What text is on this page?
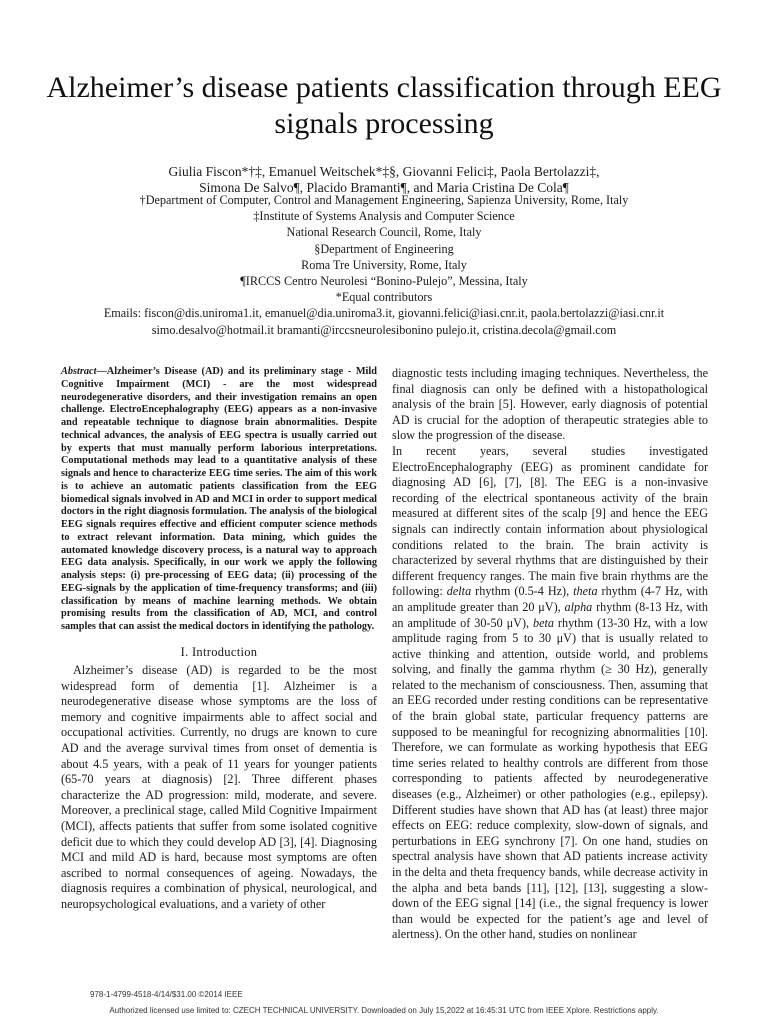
Alzheimer’s disease patients classification through EEG signals processing
Giulia Fiscon*†‡, Emanuel Weitschek*‡§, Giovanni Felici‡, Paola Bertolazzi‡,
Simona De Salvo¶, Placido Bramanti¶, and Maria Cristina De Cola¶
†Department of Computer, Control and Management Engineering, Sapienza University, Rome, Italy
‡Institute of Systems Analysis and Computer Science
National Research Council, Rome, Italy
§Department of Engineering
Roma Tre University, Rome, Italy
¶IRCCS Centro Neurolesi “Bonino-Pulejo”, Messina, Italy
*Equal contributors
Emails: fiscon@dis.uniroma1.it, emanuel@dia.uniroma3.it, giovanni.felici@iasi.cnr.it, paola.bertolazzi@iasi.cnr.it
simo.desalvo@hotmail.it bramanti@irccsneurolesibonino pulejo.it, cristina.decola@gmail.com

Abstract—Alzheimer’s Disease (AD) and its preliminary stage - Mild Cognitive Impairment (MCI) - are the most widespread neurodegenerative disorders, and their investigation remains an open challenge. ElectroEncephalography (EEG) appears as a non-invasive and repeatable technique to diagnose brain abnormalities. Despite technical advances, the analysis of EEG spectra is usually carried out by experts that must manually perform laborious interpretations. Computational methods may lead to a quantitative analysis of these signals and hence to characterize EEG time series. The aim of this work is to achieve an automatic patients classification from the EEG biomedical signals involved in AD and MCI in order to support medical doctors in the right diagnosis formulation. The analysis of the biological EEG signals requires effective and efficient computer science methods to extract relevant information. Data mining, which guides the automated knowledge discovery process, is a natural way to approach EEG data analysis. Specifically, in our work we apply the following analysis steps: (i) pre-processing of EEG data; (ii) processing of the EEG-signals by the application of time-frequency transforms; and (iii) classification by means of machine learning methods. We obtain promising results from the classification of AD, MCI, and control samples that can assist the medical doctors in identifying the pathology.

I. Introduction

Alzheimer’s disease (AD) is regarded to be the most widespread form of dementia [1]. Alzheimer is a neurodegenerative disease whose symptoms are the loss of memory and cognitive impairments able to affect social and occupational activities. Currently, no drugs are known to cure AD and the average survival times from onset of dementia is about 4.5 years, with a peak of 11 years for younger patients (65-70 years at diagnosis) [2]. Three different phases characterize the AD progression: mild, moderate, and severe. Moreover, a preclinical stage, called Mild Cognitive Impairment (MCI), affects patients that suffer from some isolated cognitive deficit due to which they could develop AD [3], [4]. Diagnosing MCI and mild AD is hard, because most symptoms are often ascribed to normal consequences of ageing. Nowadays, the diagnosis requires a combination of physical, neurological, and neuropsychological evaluations, and a variety of other

diagnostic tests including imaging techniques. Nevertheless, the final diagnosis can only be defined with a histopathological analysis of the brain [5]. However, early diagnosis of potential AD is crucial for the adoption of therapeutic strategies able to slow the progression of the disease.

In recent years, several studies investigated ElectroEncephalography (EEG) as prominent candidate for diagnosing AD [6], [7], [8]. The EEG is a non-invasive recording of the electrical spontaneous activity of the brain measured at different sites of the scalp [9] and hence the EEG signals can indirectly contain information about physiological conditions related to the brain. The brain activity is characterized by several rhythms that are distinguished by their different frequency ranges. The main five brain rhythms are the following: delta rhythm (0.5-4 Hz), theta rhythm (4-7 Hz, with an amplitude greater than 20 μV), alpha rhythm (8-13 Hz, with an amplitude of 30-50 μV), beta rhythm (13-30 Hz, with a low amplitude raging from 5 to 30 μV) that is usually related to active thinking and attention, outside world, and problems solving, and finally the gamma rhythm (≥ 30 Hz), generally related to the mechanism of consciousness. Then, assuming that an EEG recorded under resting conditions can be representative of the brain global state, particular frequency patterns are supposed to be meaningful for recognizing abnormalities [10]. Therefore, we can formulate as working hypothesis that EEG time series related to healthy controls are different from those corresponding to patients affected by neurodegenerative diseases (e.g., Alzheimer) or other pathologies (e.g., epilepsy). Different studies have shown that AD has (at least) three major effects on EEG: reduce complexity, slow-down of signals, and perturbations in EEG synchrony [7]. On one hand, studies on spectral analysis have shown that AD patients increase activity in the delta and theta frequency bands, while decrease activity in the alpha and beta bands [11], [12], [13], suggesting a slow-down of the EEG signal [14] (i.e., the signal frequency is lower than would be expected for the patient’s age and level of alertness). On the other hand, studies on nonlinear

978-1-4799-4518-4/14/$31.00 ©2014 IEEE
Authorized licensed use limited to: CZECH TECHNICAL UNIVERSITY. Downloaded on July 15,2022 at 16:45:31 UTC from IEEE Xplore. Restrictions apply.
